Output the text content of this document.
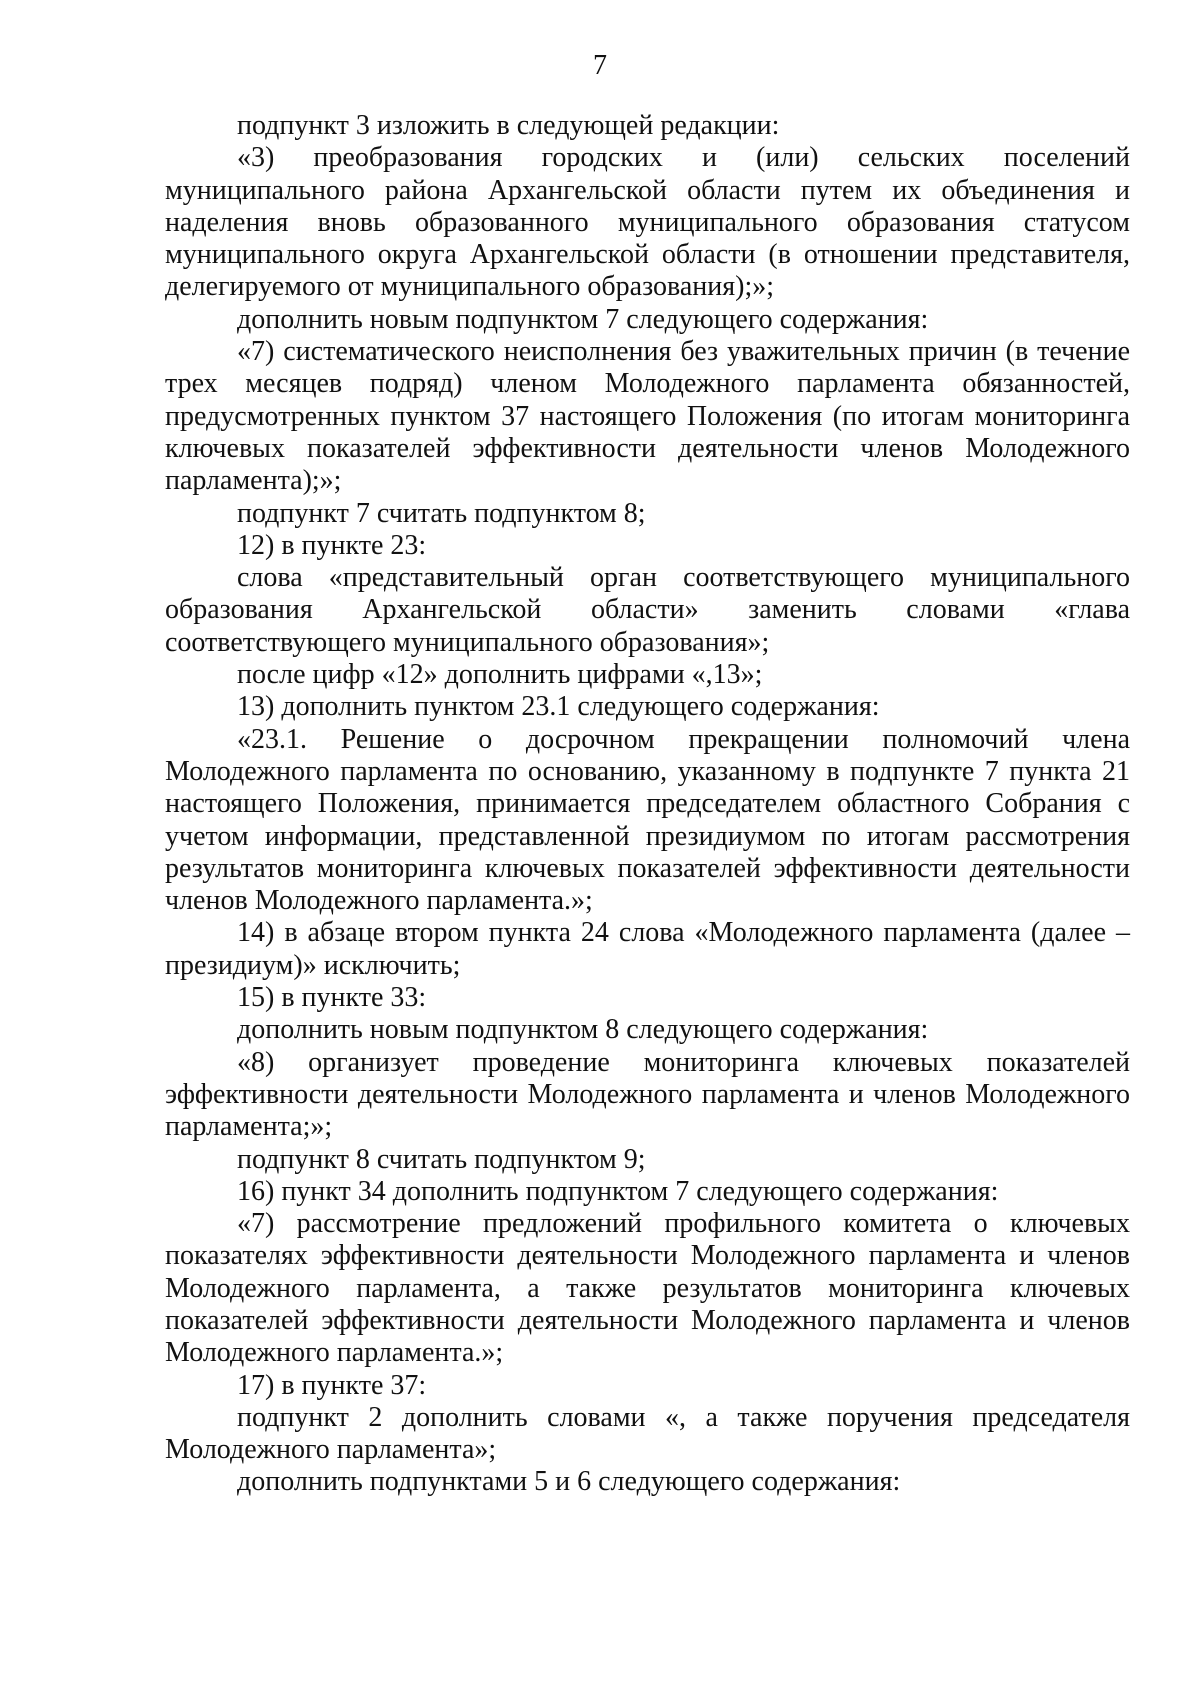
7

подпункт 3 изложить в следующей редакции:

«3) преобразования городских и (или) сельских поселений муниципального района Архангельской области путем их объединения и наделения вновь образованного муниципального образования статусом муниципального округа Архангельской области (в отношении представителя, делегируемого от муниципального образования);»;

дополнить новым подпунктом 7 следующего содержания:

«7) систематического неисполнения без уважительных причин (в течение трех месяцев подряд) членом Молодежного парламента обязанностей, предусмотренных пунктом 37 настоящего Положения (по итогам мониторинга ключевых показателей эффективности деятельности членов Молодежного парламента);»;

подпункт 7 считать подпунктом 8;

12) в пункте 23:

слова «представительный орган соответствующего муниципального образования Архангельской области» заменить словами «глава соответствующего муниципального образования»;

после цифр «12» дополнить цифрами «,13»;

13) дополнить пунктом 23.1 следующего содержания:

«23.1. Решение о досрочном прекращении полномочий члена Молодежного парламента по основанию, указанному в подпункте 7 пункта 21 настоящего Положения, принимается председателем областного Собрания с учетом информации, представленной президиумом по итогам рассмотрения результатов мониторинга ключевых показателей эффективности деятельности членов Молодежного парламента.»;

14) в абзаце втором пункта 24 слова «Молодежного парламента (далее – президиум)» исключить;

15) в пункте 33:

дополнить новым подпунктом 8 следующего содержания:

«8) организует проведение мониторинга ключевых показателей эффективности деятельности Молодежного парламента и членов Молодежного парламента;»;

подпункт 8 считать подпунктом 9;

16) пункт 34 дополнить подпунктом 7 следующего содержания:

«7) рассмотрение предложений профильного комитета о ключевых показателях эффективности деятельности Молодежного парламента и членов Молодежного парламента, а также результатов мониторинга ключевых показателей эффективности деятельности Молодежного парламента и членов Молодежного парламента.»;

17) в пункте 37:

подпункт 2 дополнить словами «, а также поручения председателя Молодежного парламента»;

дополнить подпунктами 5 и 6 следующего содержания:
